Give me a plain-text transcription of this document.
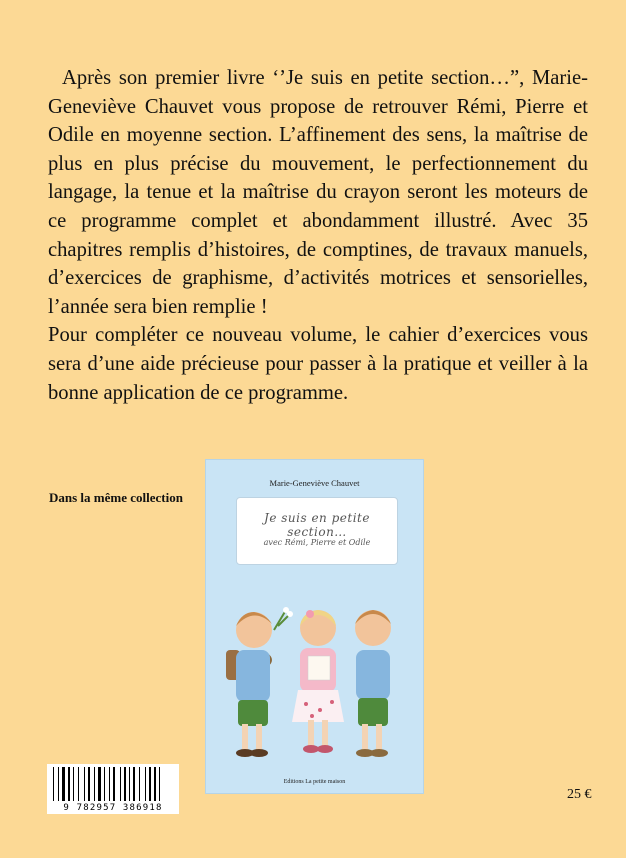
Après son premier livre ‘’Je suis en petite section…”, Marie-Geneviève Chauvet vous propose de retrouver Rémi, Pierre et Odile en moyenne section. L’affinement des sens, la maîtrise de plus en plus précise du mouvement, le perfectionnement du langage, la tenue et la maîtrise du crayon seront les moteurs de ce programme complet et abondamment illustré. Avec 35 chapitres remplis d’histoires, de comptines, de travaux manuels, d’exercices de graphisme, d’activités motrices et sensorielles, l’année sera bien remplie !

Pour compléter ce nouveau volume, le cahier d’exercices vous sera d’une aide précieuse pour passer à la pratique et veiller à la bonne application de ce programme.

Dans la même collection
Marie-Geneviève Chauvet
Je suis en petite section…
avec Rémi, Pierre et Odile
Editions La petite maison
9 782957 386918
25 €
